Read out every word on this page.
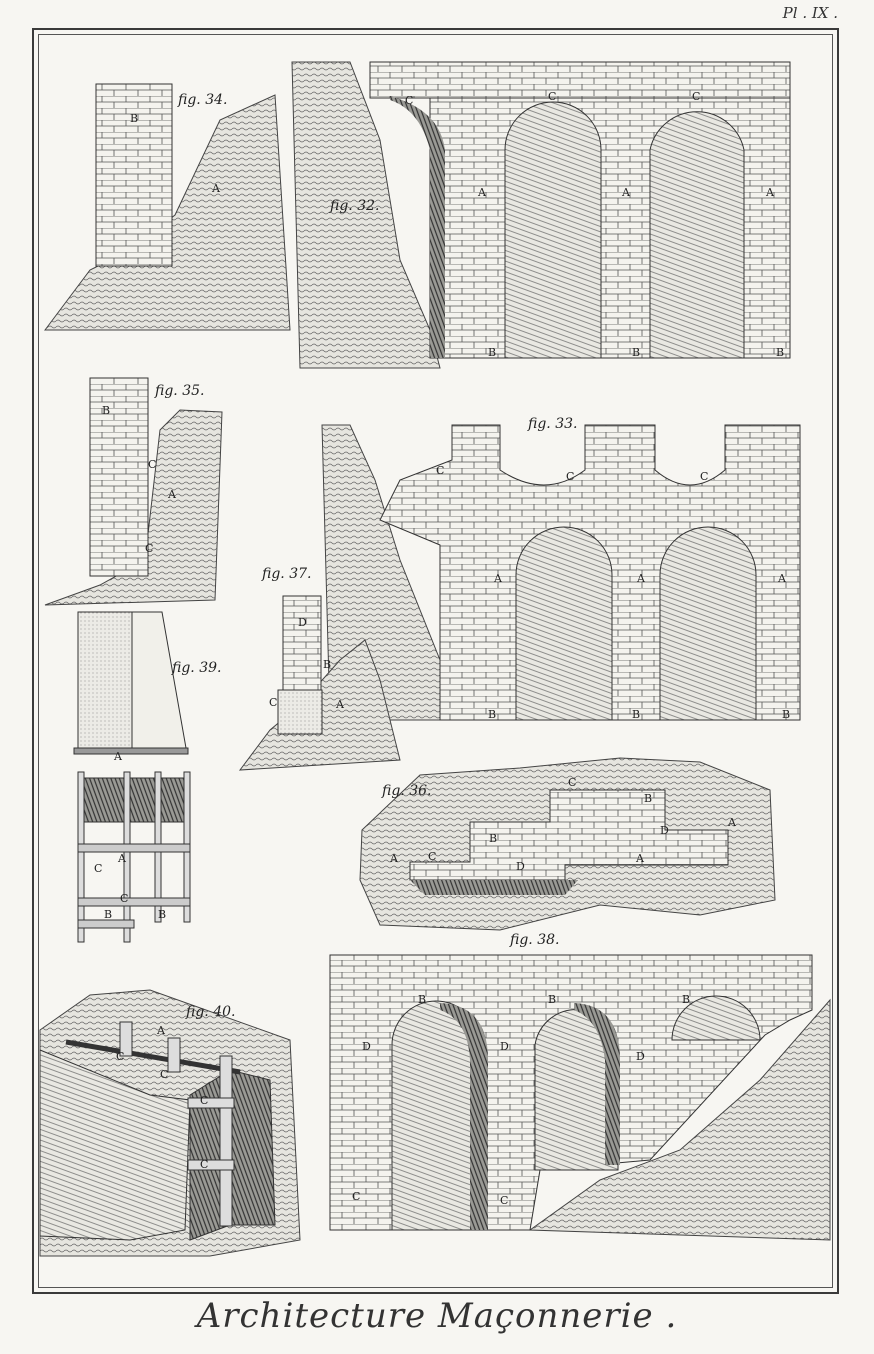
Pl . IX .
fig. 34.
B
A
fig. 32.
A	A	A
C	C
C
B	B	B
fig. 35.
B
A
C
C
fig. 33.
A	A	A
C	C	C
B	B	B
fig. 37.
D
B
C	A
fig. 39.
A
A
C
C
B	B
fig. 36.
C
B
B
C
A	A
A
D
D
fig. 38.
B	B	B
D	D
D
C	C
fig. 40.
A
C
C
C
C
Architecture Maçonnerie .
